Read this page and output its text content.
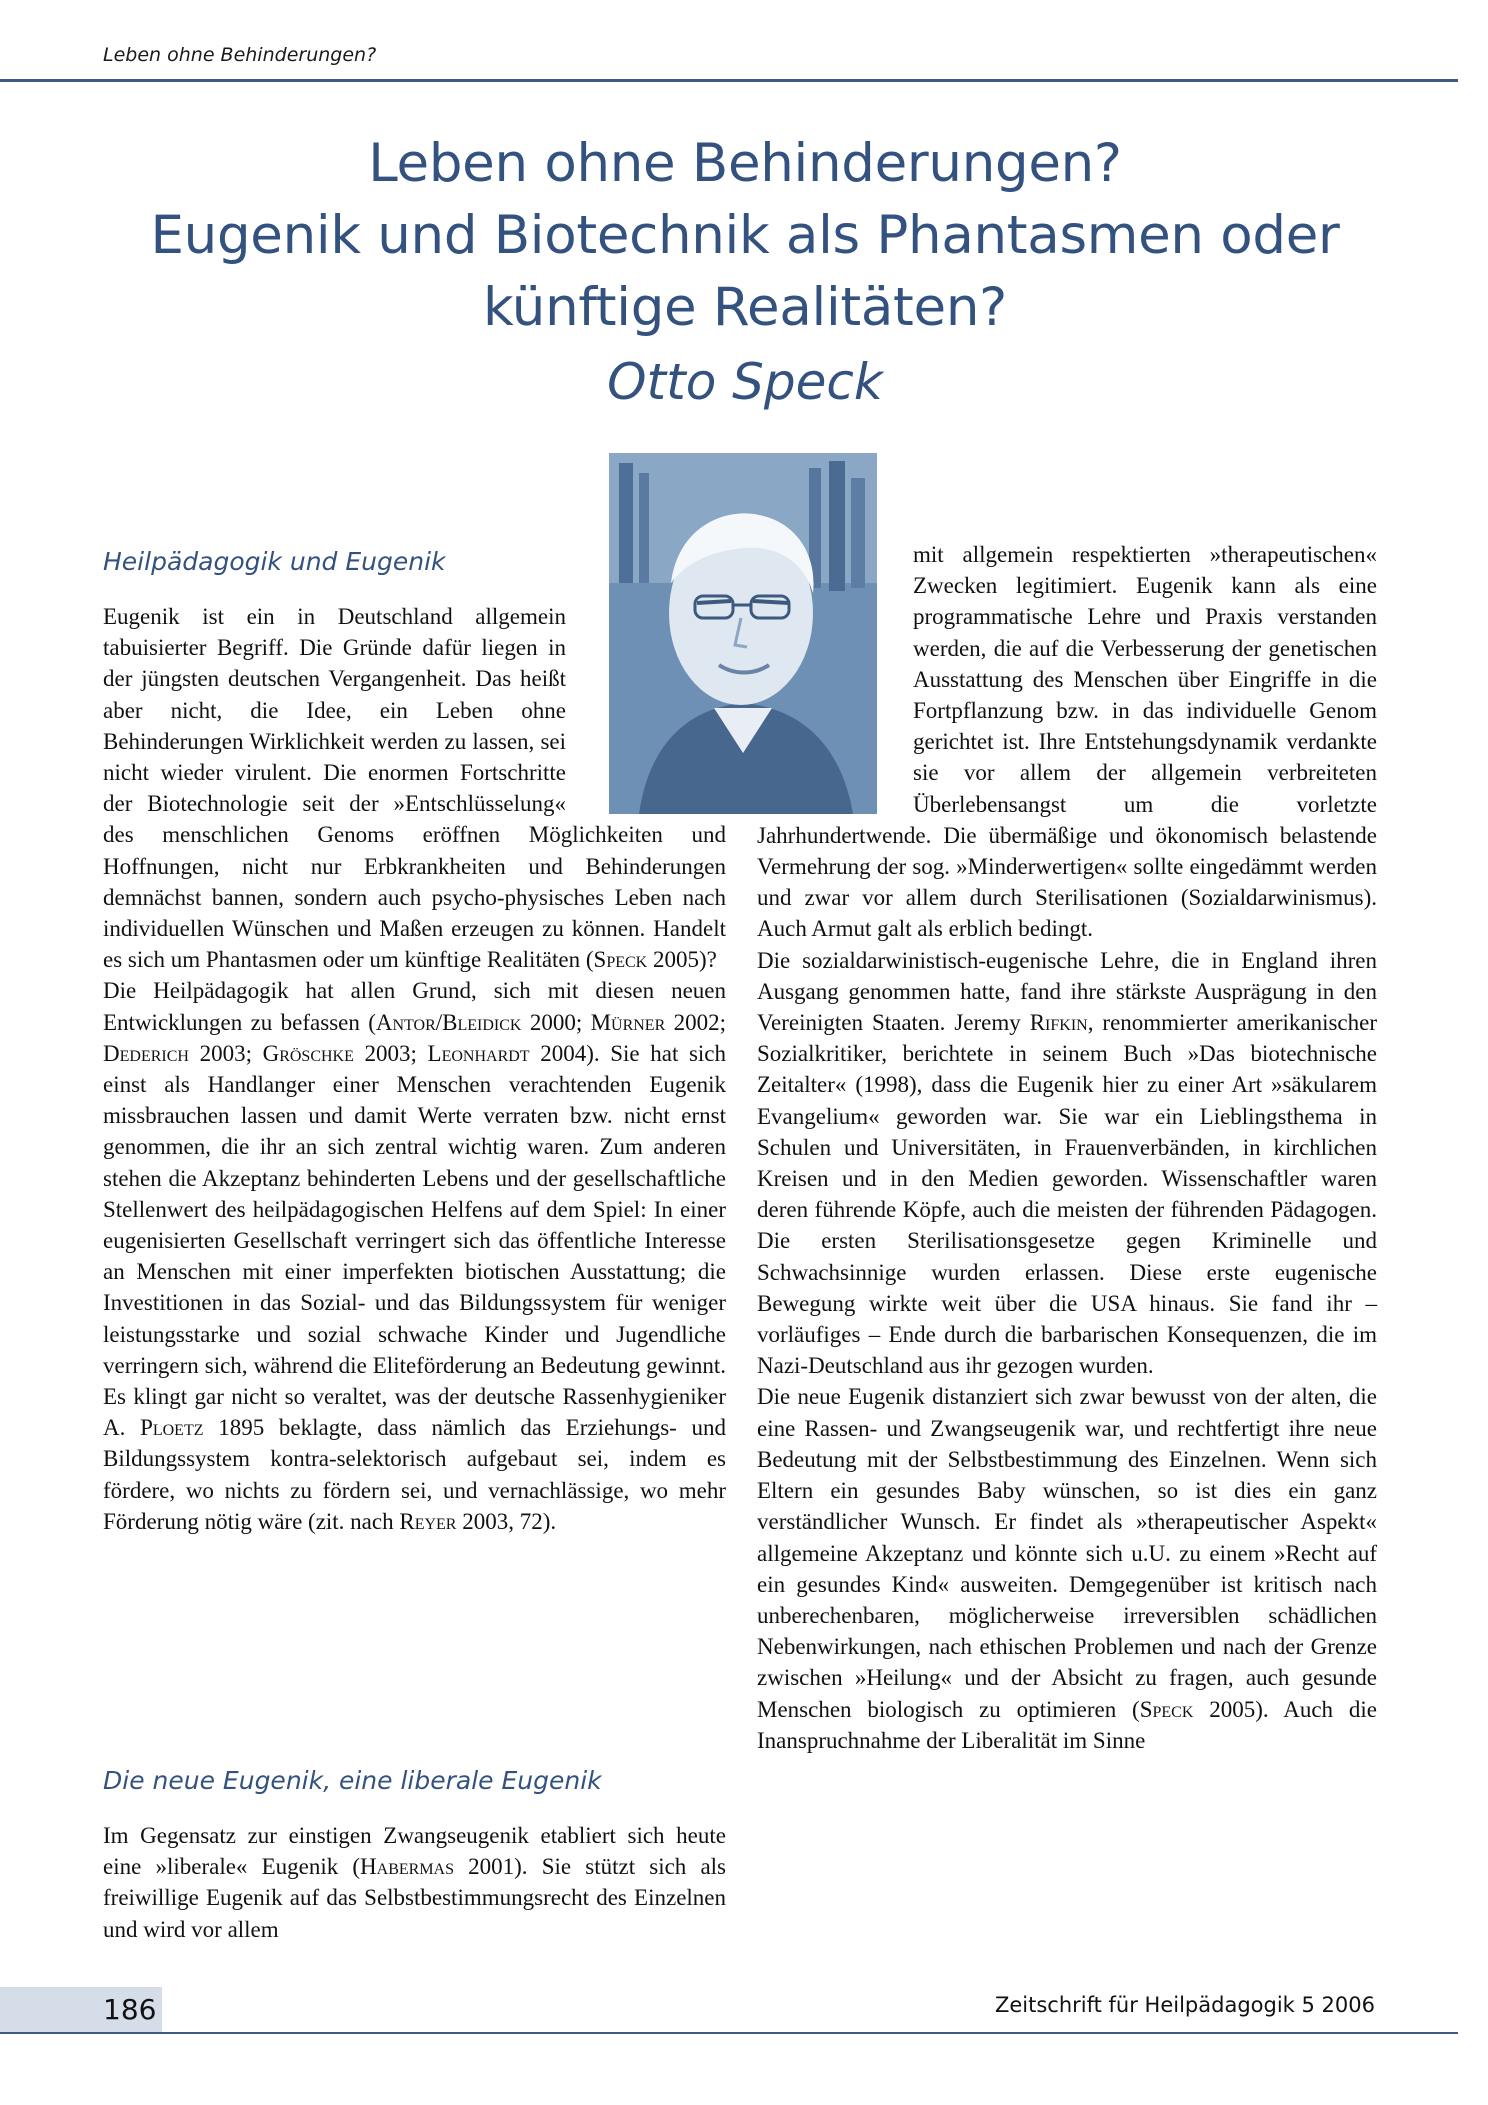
Leben ohne Behinderungen?
Leben ohne Behinderungen?
Eugenik und Biotechnik als Phantasmen oder
künftige Realitäten?
Otto Speck
Heilpädagogik und Eugenik

Eugenik ist ein in Deutschland allgemein tabuisierter Begriff. Die Gründe dafür liegen in der jüngsten deutschen Vergangenheit. Das heißt aber nicht, die Idee, ein Leben ohne Behinderungen Wirklichkeit werden zu lassen, sei nicht wieder virulent. Die enormen Fortschritte der Biotechnologie seit der »Entschlüsselung« des menschlichen Genoms eröffnen Möglichkeiten und Hoffnungen, nicht nur Erbkrankheiten und Behinderungen demnächst bannen, sondern auch psycho-physisches Leben nach individuellen Wünschen und Maßen erzeugen zu können. Handelt es sich um Phantasmen oder um künftige Realitäten (Speck 2005)?

Die Heilpädagogik hat allen Grund, sich mit diesen neuen Entwicklungen zu befassen (Antor/Bleidick 2000; Mürner 2002; Dederich 2003; Gröschke 2003; Leonhardt 2004). Sie hat sich einst als Handlanger einer Menschen verachtenden Eugenik missbrauchen lassen und damit Werte verraten bzw. nicht ernst genommen, die ihr an sich zentral wichtig waren. Zum anderen stehen die Akzeptanz behinderten Lebens und der gesellschaftliche Stellenwert des heilpädagogischen Helfens auf dem Spiel: In einer eugenisierten Gesellschaft verringert sich das öffentliche Interesse an Menschen mit einer imperfekten biotischen Ausstattung; die Investitionen in das Sozial- und das Bildungssystem für weniger leistungsstarke und sozial schwache Kinder und Jugendliche verringern sich, während die Eliteförderung an Bedeutung gewinnt. Es klingt gar nicht so veraltet, was der deutsche Rassenhygieniker A. Ploetz 1895 beklagte, dass nämlich das Erziehungs- und Bildungssystem kontra-selektorisch aufgebaut sei, indem es fördere, wo nichts zu fördern sei, und vernachlässige, wo mehr Förderung nötig wäre (zit. nach Reyer 2003, 72).

Die neue Eugenik, eine liberale Eugenik

Im Gegensatz zur einstigen Zwangseugenik etabliert sich heute eine »liberale« Eugenik (Habermas 2001). Sie stützt sich als freiwillige Eugenik auf das Selbstbestimmungsrecht des Einzelnen und wird vor allem

mit allgemein respektierten »therapeutischen« Zwecken legitimiert. Eugenik kann als eine programmatische Lehre und Praxis verstanden werden, die auf die Verbesserung der genetischen Ausstattung des Menschen über Eingriffe in die Fortpflanzung bzw. in das individuelle Genom gerichtet ist. Ihre Entstehungsdynamik verdankte sie vor allem der allgemein verbreiteten Überlebensangst um die vorletzte Jahrhundertwende. Die übermäßige und ökonomisch belastende Vermehrung der sog. »Minderwertigen« sollte eingedämmt werden und zwar vor allem durch Sterilisationen (Sozialdarwinismus). Auch Armut galt als erblich bedingt.

Die sozialdarwinistisch-eugenische Lehre, die in England ihren Ausgang genommen hatte, fand ihre stärkste Ausprägung in den Vereinigten Staaten. Jeremy Rifkin, renommierter amerikanischer Sozialkritiker, berichtete in seinem Buch »Das biotechnische Zeitalter« (1998), dass die Eugenik hier zu einer Art »säkularem Evangelium« geworden war. Sie war ein Lieblingsthema in Schulen und Universitäten, in Frauenverbänden, in kirchlichen Kreisen und in den Medien geworden. Wissenschaftler waren deren führende Köpfe, auch die meisten der führenden Pädagogen. Die ersten Sterilisationsgesetze gegen Kriminelle und Schwachsinnige wurden erlassen. Diese erste eugenische Bewegung wirkte weit über die USA hinaus. Sie fand ihr – vorläufiges – Ende durch die barbarischen Konsequenzen, die im Nazi-Deutschland aus ihr gezogen wurden.

Die neue Eugenik distanziert sich zwar bewusst von der alten, die eine Rassen- und Zwangseugenik war, und rechtfertigt ihre neue Bedeutung mit der Selbstbestimmung des Einzelnen. Wenn sich Eltern ein gesundes Baby wünschen, so ist dies ein ganz verständlicher Wunsch. Er findet als »therapeutischer Aspekt« allgemeine Akzeptanz und könnte sich u.U. zu einem »Recht auf ein gesundes Kind« ausweiten. Demgegenüber ist kritisch nach unberechenbaren, möglicherweise irreversiblen schädlichen Nebenwirkungen, nach ethischen Problemen und nach der Grenze zwischen »Heilung« und der Absicht zu fragen, auch gesunde Menschen biologisch zu optimieren (Speck 2005). Auch die Inanspruchnahme der Liberalität im Sinne

186	Zeitschrift für Heilpädagogik 5 2006
